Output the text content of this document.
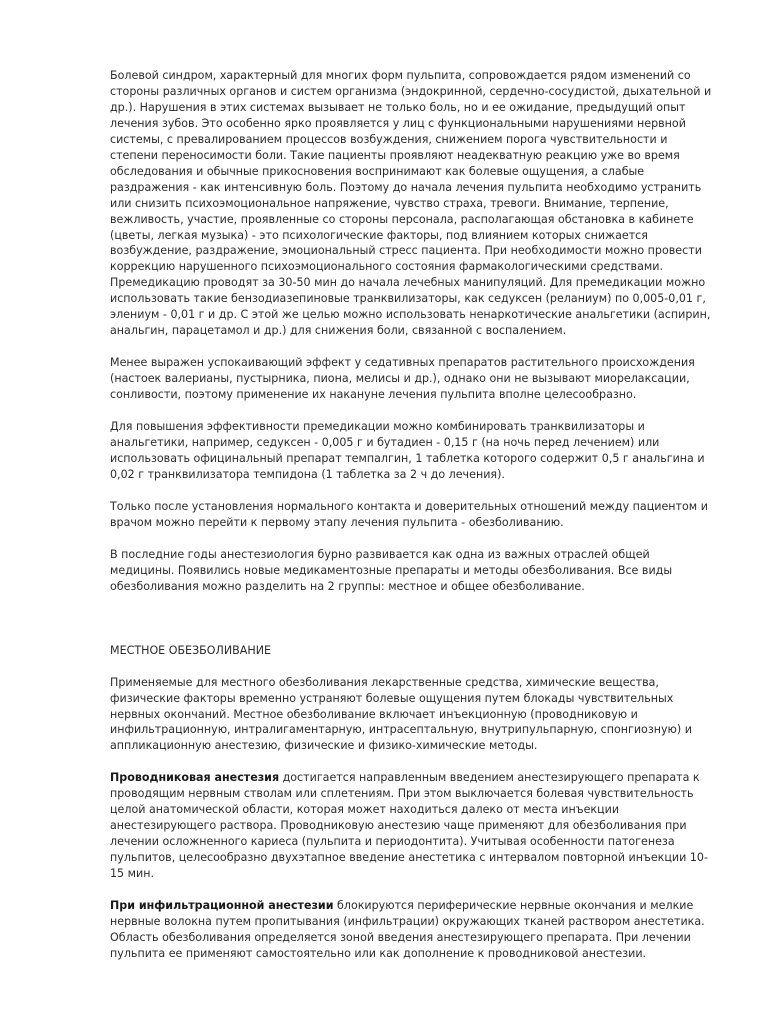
Болевой синдром, характерный для многих форм пульпита, сопровождается рядом изменений со стороны различных органов и систем организма (эндокринной, сердечно-сосудистой, дыхательной и др.). Нарушения в этих системах вызывает не только боль, но и ее ожидание, предыдущий опыт лечения зубов. Это особенно ярко проявляется у лиц с функциональными нарушениями нервной системы, с превалированием процессов возбуждения, снижением порога чувствительности и степени переносимости боли. Такие пациенты проявляют неадекватную реакцию уже во время обследования и обычные прикосновения воспринимают как болевые ощущения, а слабые раздражения - как интенсивную боль. Поэтому до начала лечения пульпита необходимо устранить или снизить психоэмоциональное напряжение, чувство страха, тревоги. Внимание, терпение, вежливость, участие, проявленные со стороны персонала, располагающая обстановка в кабинете (цветы, легкая музыка) - это психологические факторы, под влиянием которых снижается возбуждение, раздражение, эмоциональный стресс пациента. При необходимости можно провести коррекцию нарушенного психоэмоционального состояния фармакологическими средствами. Премедикацию проводят за 30-50 мин до начала лечебных манипуляций. Для премедикации можно использовать такие бензодиазепиновые транквилизаторы, как седуксен (реланиум) по 0,005-0,01 г, элениум - 0,01 г и др. С этой же целью можно использовать ненаркотические анальгетики (аспирин, анальгин, парацетамол и др.) для снижения боли, связанной с воспалением.

Менее выражен успокаивающий эффект у седативных препаратов растительного происхождения (настоек валерианы, пустырника, пиона, мелисы и др.), однако они не вызывают миорелаксации, сонливости, поэтому применение их накануне лечения пульпита вполне целесообразно.

Для повышения эффективности премедикации можно комбинировать транквилизаторы и анальгетики, например, седуксен - 0,005 г и бутадиен - 0,15 г (на ночь перед лечением) или использовать официнальный препарат темпалгин, 1 таблетка которого содержит 0,5 г анальгина и 0,02 г транквилизатора темпидона (1 таблетка за 2 ч до лечения).

Только после установления нормального контакта и доверительных отношений между пациентом и врачом можно перейти к первому этапу лечения пульпита - обезболиванию.

В последние годы анестезиология бурно развивается как одна из важных отраслей общей медицины. Появились новые медикаментозные препараты и методы обезболивания. Все виды обезболивания можно разделить на 2 группы: местное и общее обезболивание.

МЕСТНОЕ ОБЕЗБОЛИВАНИЕ

Применяемые для местного обезболивания лекарственные средства, химические вещества, физические факторы временно устраняют болевые ощущения путем блокады чувствительных нервных окончаний. Местное обезболивание включает инъекционную (проводниковую и инфильтрационную, интралигаментарную, интрасептальную, внутрипульпарную, спонгиозную) и аппликационную анестезию, физические и физико-химические методы.

Проводниковая анестезия достигается направленным введением анестезирующего препарата к проводящим нервным стволам или сплетениям. При этом выключается болевая чувствительность целой анатомической области, которая может находиться далеко от места инъекции анестезирующего раствора. Проводниковую анестезию чаще применяют для обезболивания при лечении осложненного кариеса (пульпита и периодонтита). Учитывая особенности патогенеза пульпитов, целесообразно двухэтапное введение анестетика с интервалом повторной инъекции 10-15 мин.

При инфильтрационной анестезии блокируются периферические нервные окончания и мелкие нервные волокна путем пропитывания (инфильтрации) окружающих тканей раствором анестетика. Область обезболивания определяется зоной введения анестезирующего препарата. При лечении пульпита ее применяют самостоятельно или как дополнение к проводниковой анестезии.
